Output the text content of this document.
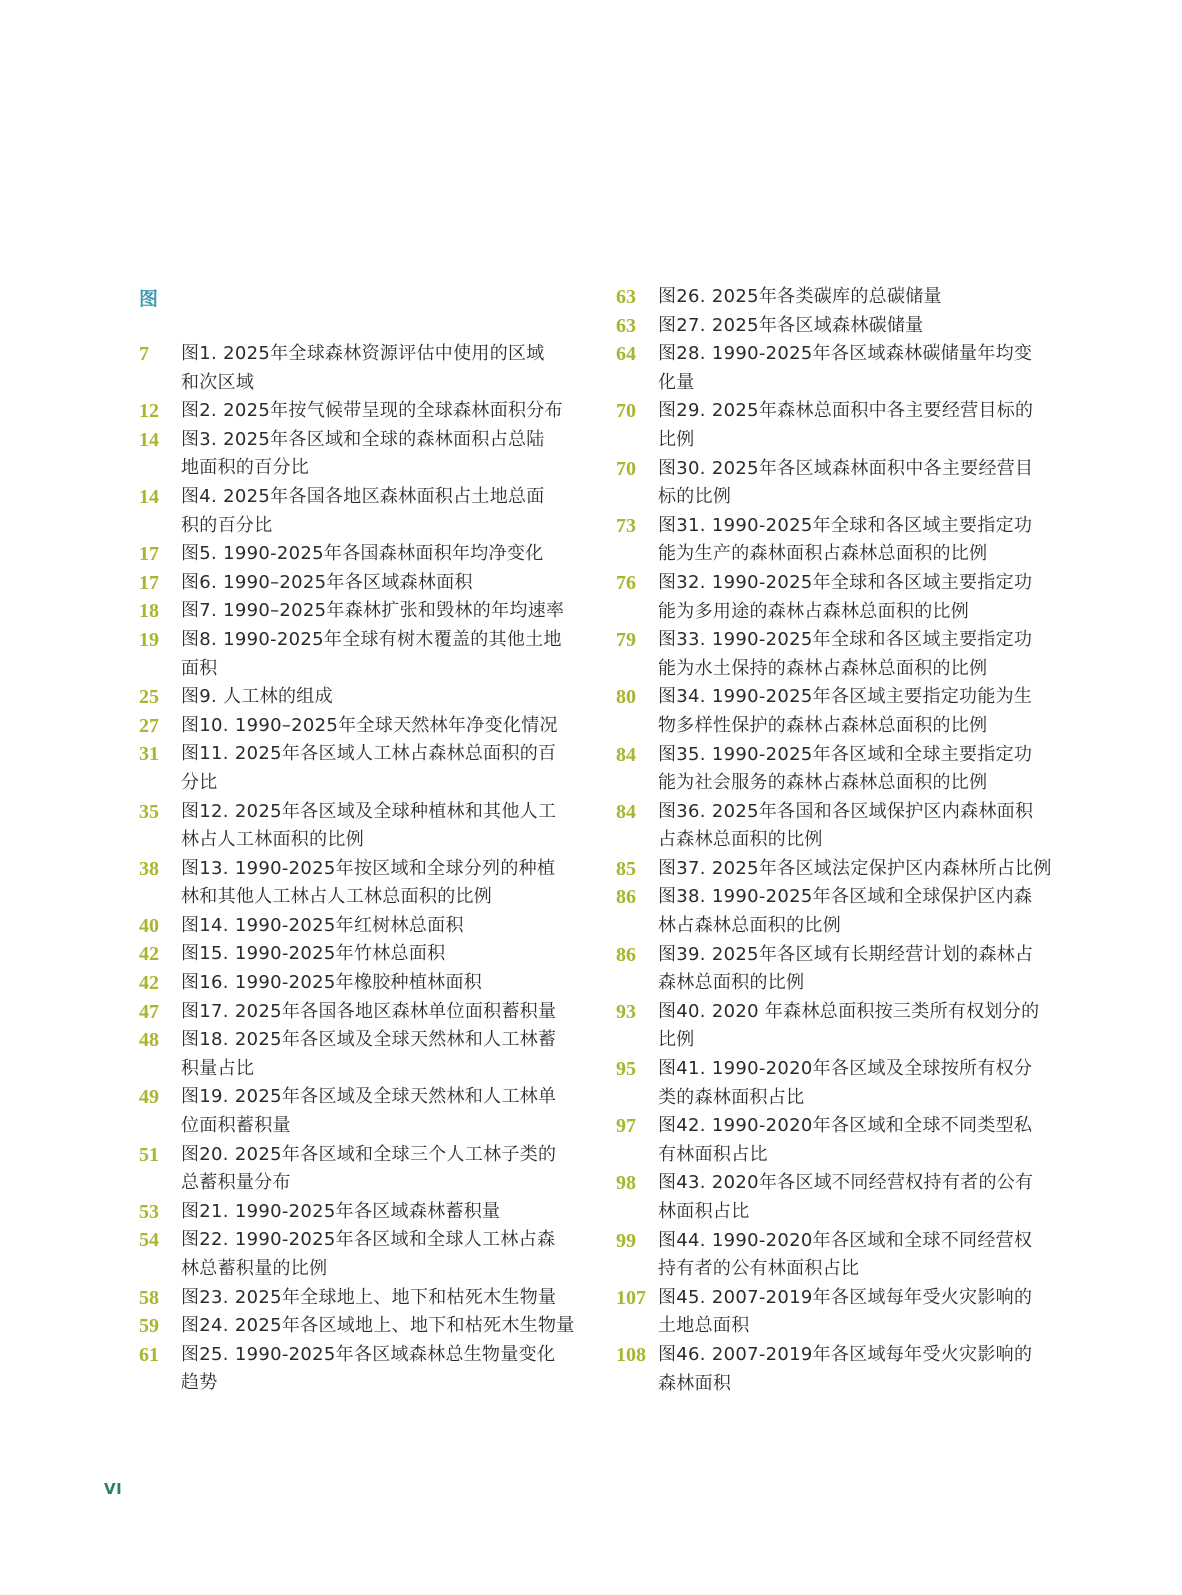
图
7	图1. 2025年全球森林资源评估中使用的区域
和次区域
12	图2. 2025年按气候带呈现的全球森林面积分布
14	图3. 2025年各区域和全球的森林面积占总陆
地面积的百分比
14	图4. 2025年各国各地区森林面积占土地总面
积的百分比
17	图5. 1990-2025年各国森林面积年均净变化
17	图6. 1990–2025年各区域森林面积
18	图7. 1990–2025年森林扩张和毁林的年均速率
19	图8. 1990-2025年全球有树木覆盖的其他土地
面积
25	图9. 人工林的组成
27	图10. 1990–2025年全球天然林年净变化情况
31	图11. 2025年各区域人工林占森林总面积的百
分比
35	图12. 2025年各区域及全球种植林和其他人工
林占人工林面积的比例
38	图13. 1990-2025年按区域和全球分列的种植
林和其他人工林占人工林总面积的比例
40	图14. 1990-2025年红树林总面积
42	图15. 1990-2025年竹林总面积
42	图16. 1990-2025年橡胶种植林面积
47	图17. 2025年各国各地区森林单位面积蓄积量
48	图18. 2025年各区域及全球天然林和人工林蓄
积量占比
49	图19. 2025年各区域及全球天然林和人工林单
位面积蓄积量
51	图20. 2025年各区域和全球三个人工林子类的
总蓄积量分布
53	图21. 1990-2025年各区域森林蓄积量
54	图22. 1990-2025年各区域和全球人工林占森
林总蓄积量的比例
58	图23. 2025年全球地上、地下和枯死木生物量
59	图24. 2025年各区域地上、地下和枯死木生物量
61	图25. 1990-2025年各区域森林总生物量变化
趋势
63	图26. 2025年各类碳库的总碳储量
63	图27. 2025年各区域森林碳储量
64	图28. 1990-2025年各区域森林碳储量年均变
化量
70	图29. 2025年森林总面积中各主要经营目标的
比例
70	图30. 2025年各区域森林面积中各主要经营目
标的比例
73	图31. 1990-2025年全球和各区域主要指定功
能为生产的森林面积占森林总面积的比例
76	图32. 1990-2025年全球和各区域主要指定功
能为多用途的森林占森林总面积的比例
79	图33. 1990-2025年全球和各区域主要指定功
能为水土保持的森林占森林总面积的比例
80	图34. 1990-2025年各区域主要指定功能为生
物多样性保护的森林占森林总面积的比例
84	图35. 1990-2025年各区域和全球主要指定功
能为社会服务的森林占森林总面积的比例
84	图36. 2025年各国和各区域保护区内森林面积
占森林总面积的比例
85	图37. 2025年各区域法定保护区内森林所占比例
86	图38. 1990-2025年各区域和全球保护区内森
林占森林总面积的比例
86	图39. 2025年各区域有长期经营计划的森林占
森林总面积的比例
93	图40. 2020 年森林总面积按三类所有权划分的
比例
95	图41. 1990-2020年各区域及全球按所有权分
类的森林面积占比
97	图42. 1990-2020年各区域和全球不同类型私
有林面积占比
98	图43. 2020年各区域不同经营权持有者的公有
林面积占比
99	图44. 1990-2020年各区域和全球不同经营权
持有者的公有林面积占比
107 图45. 2007-2019年各区域每年受火灾影响的
土地总面积
108 图46. 2007-2019年各区域每年受火灾影响的
森林面积
VI
